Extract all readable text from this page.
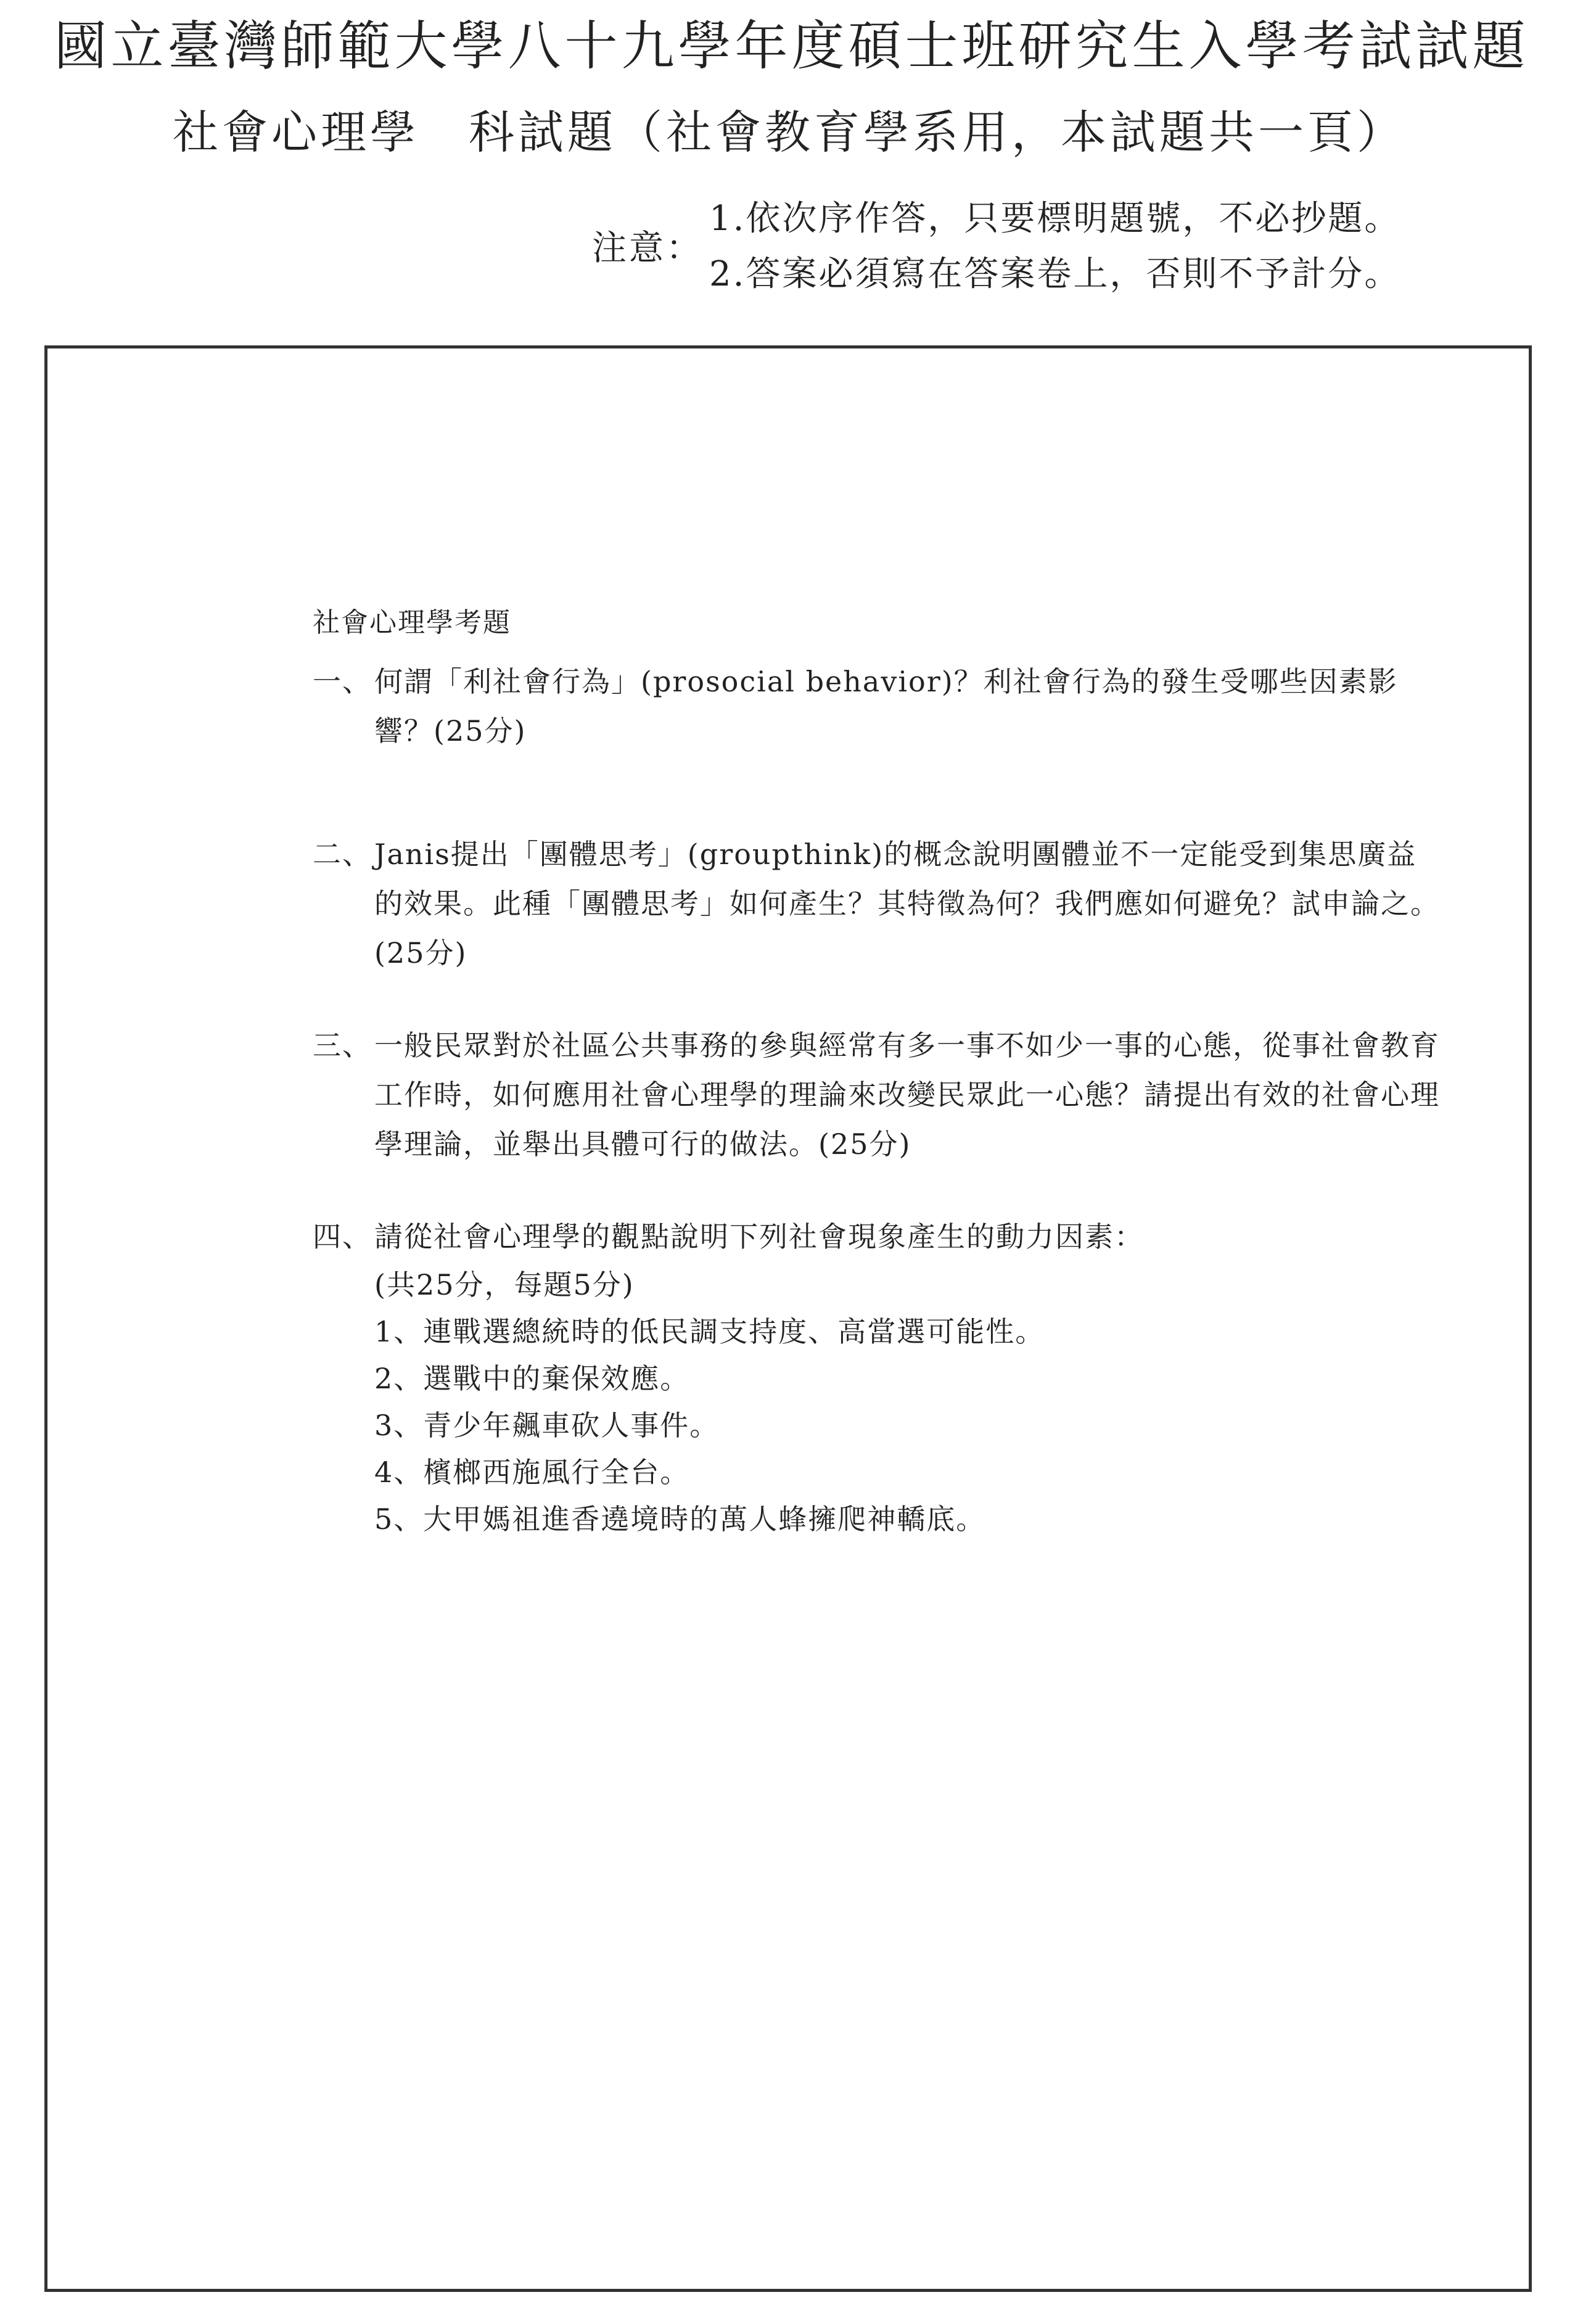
國立臺灣師範大學八十九學年度碩士班研究生入學考試試題
社會心理學　科試題（社會教育學系用，本試題共一頁）
注意：
1.依次序作答，只要標明題號，不必抄題。
2.答案必須寫在答案卷上，否則不予計分。
社會心理學考題
一、 何謂「利社會行為」(prosocial behavior)？利社會行為的發生受哪些因素影響？(25分)
二、 Janis提出「團體思考」(groupthink)的概念說明團體並不一定能受到集思廣益的效果。此種「團體思考」如何產生？其特徵為何？我們應如何避免？試申論之。(25分)
三、 一般民眾對於社區公共事務的參與經常有多一事不如少一事的心態，從事社會教育工作時，如何應用社會心理學的理論來改變民眾此一心態？請提出有效的社會心理學理論，並舉出具體可行的做法。(25分)
四、 請從社會心理學的觀點說明下列社會現象產生的動力因素：
(共25分，每題5分)
1、連戰選總統時的低民調支持度、高當選可能性。
2、選戰中的棄保效應。
3、青少年飆車砍人事件。
4、檳榔西施風行全台。
5、大甲媽祖進香遶境時的萬人蜂擁爬神轎底。
